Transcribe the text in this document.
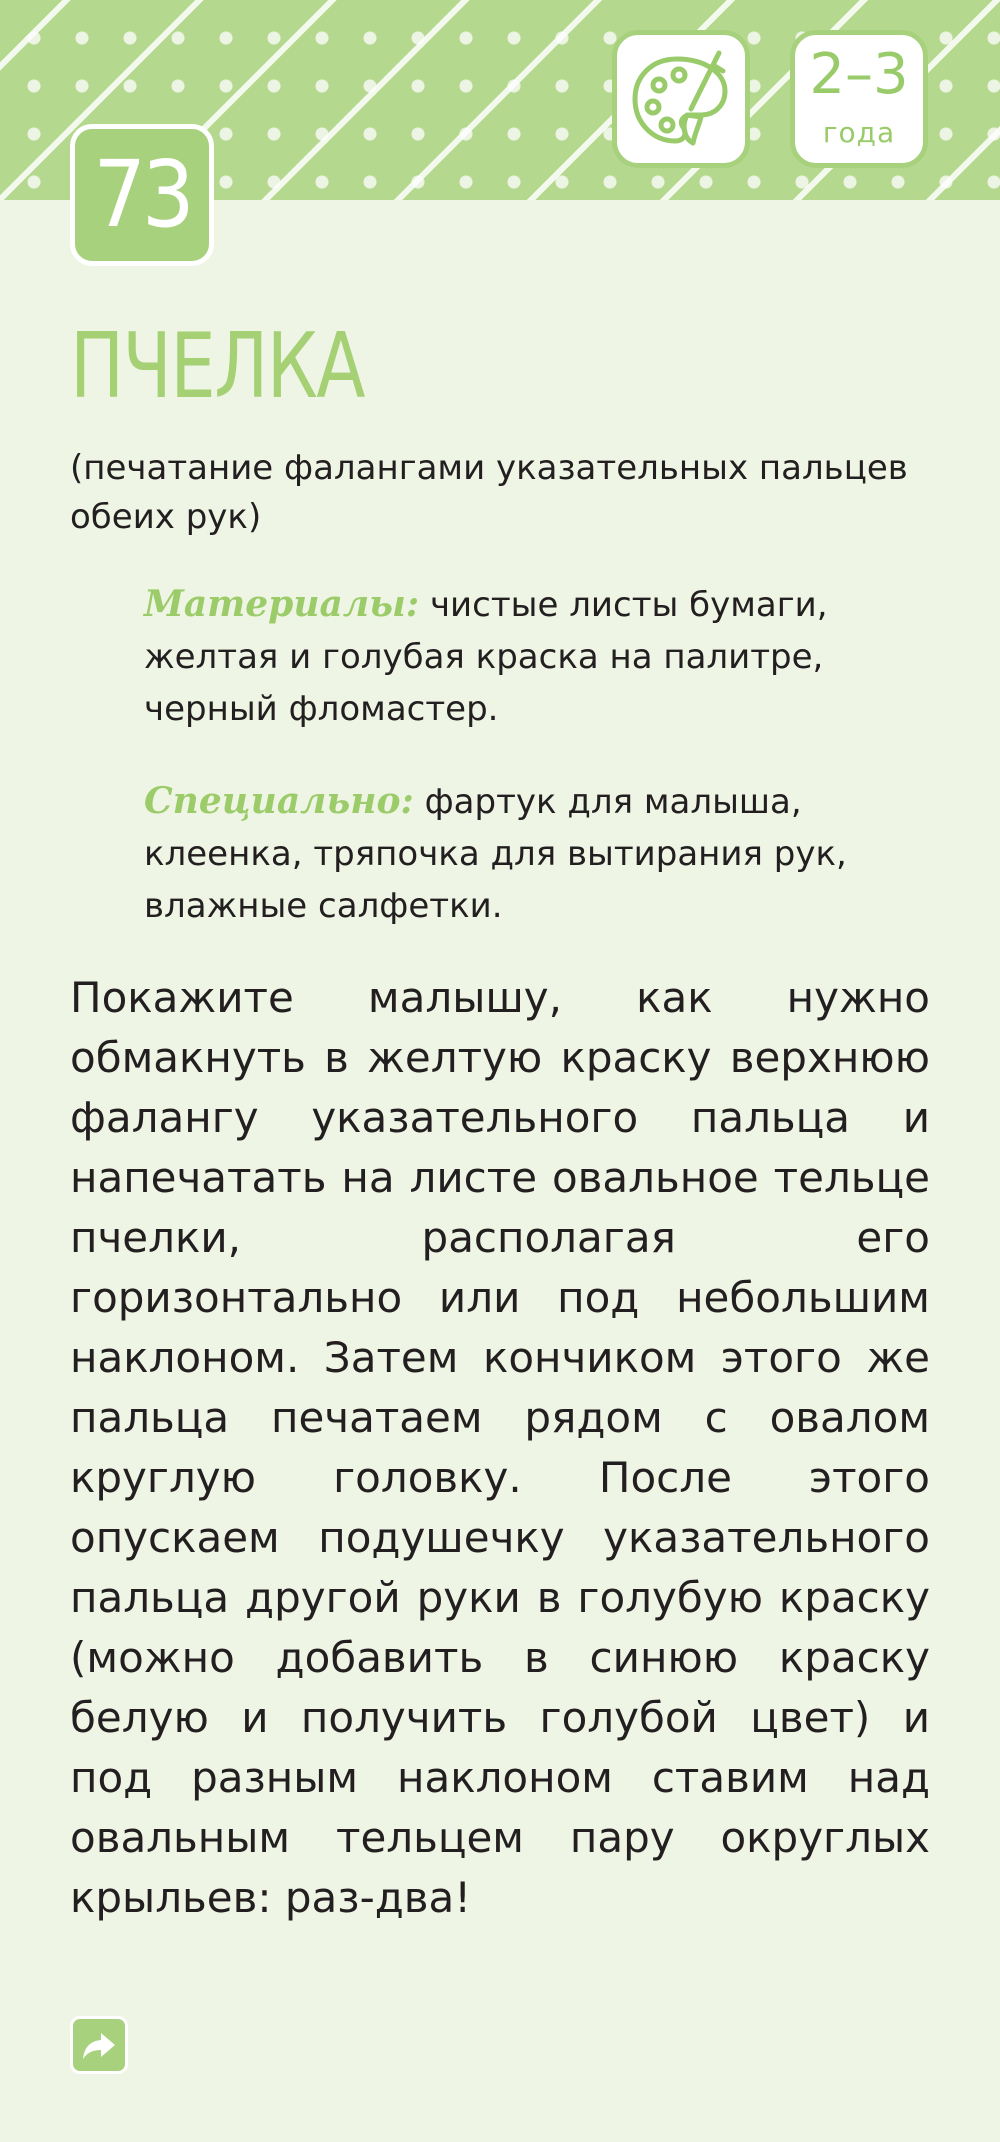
73
2–3
года
ПЧЕЛКА

(печатание фалангами указательных пальцев обеих рук)

Материалы: чистые листы бумаги, желтая и голубая краска на палитре, черный фломастер.

Специально: фартук для малыша, клеенка, тряпочка для вытирания рук, влажные салфетки.

Покажите малышу, как нужно обмакнуть в желтую краску верхнюю фалангу указательного пальца и напечатать на листе овальное тельце пчелки, располагая его горизонтально или под небольшим наклоном. Затем кончиком этого же пальца печатаем рядом с овалом круглую головку. После этого опускаем подушечку указательного пальца другой руки в голубую краску (можно добавить в синюю краску белую и получить голубой цвет) и под разным наклоном ставим над овальным тельцем пару округлых крыльев: раз-два!
